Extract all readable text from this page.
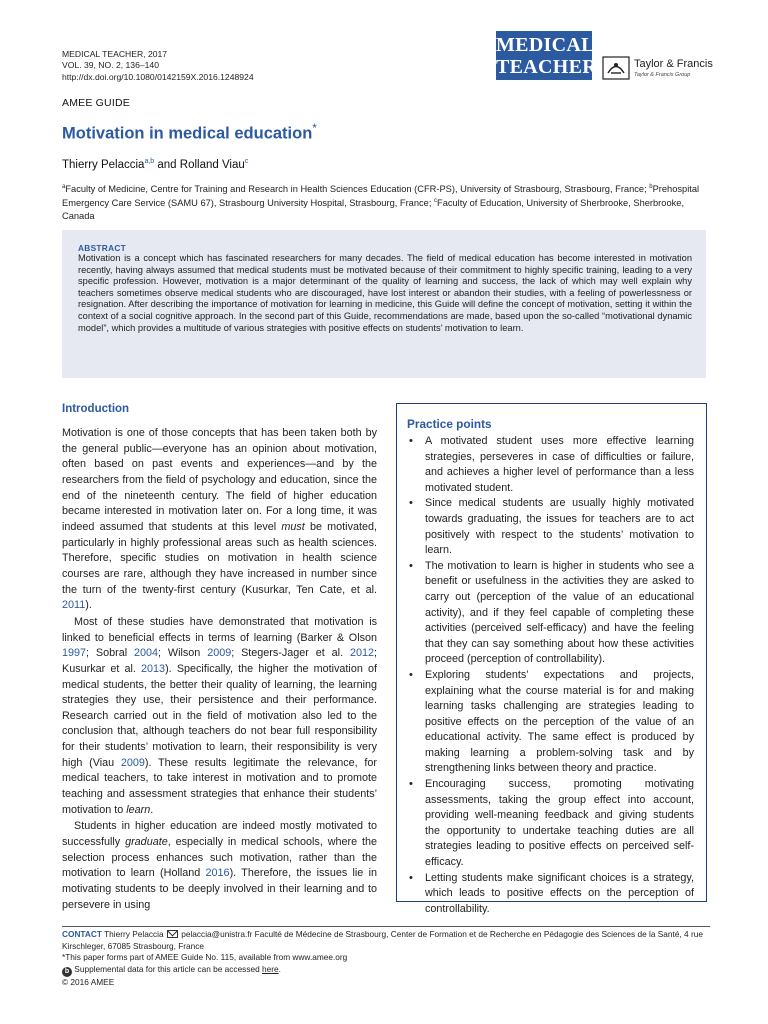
MEDICAL TEACHER, 2017
VOL. 39, NO. 2, 136–140
http://dx.doi.org/10.1080/0142159X.2016.1248924
MEDICAL
TEACHER	Taylor & Francis
Taylor & Francis Group
AMEE GUIDE
Motivation in medical education*
Thierry Pelaccia$^{a,b}$ and Rolland Viau$^c$
$^a$Faculty of Medicine, Centre for Training and Research in Health Sciences Education (CFR-PS), University of Strasbourg, Strasbourg, France; $^b$Prehospital Emergency Care Service (SAMU 67), Strasbourg University Hospital, Strasbourg, France; $^c$Faculty of Education, University of Sherbrooke, Sherbrooke, Canada
ABSTRACT

Motivation is a concept which has fascinated researchers for many decades. The field of medical education has become interested in motivation recently, having always assumed that medical students must be motivated because of their commitment to highly specific training, leading to a very specific profession. However, motivation is a major determinant of the quality of learning and success, the lack of which may well explain why teachers sometimes observe medical students who are discouraged, have lost interest or abandon their studies, with a feeling of powerlessness or resignation. After describing the importance of motivation for learning in medicine, this Guide will define the concept of motivation, setting it within the context of a social cognitive approach. In the second part of this Guide, recommendations are made, based upon the so-called “motivational dynamic model”, which provides a multitude of various strategies with positive effects on students’ motivation to learn.

Introduction

Motivation is one of those concepts that has been taken both by the general public—everyone has an opinion about motivation, often based on past events and experiences—and by the researchers from the field of psychology and education, since the end of the nineteenth century. The field of higher education became interested in motivation later on. For a long time, it was indeed assumed that students at this level must be motivated, particularly in highly professional areas such as health sciences. Therefore, specific studies on motivation in health science courses are rare, although they have increased in number since the turn of the twenty-first century (Kusurkar, Ten Cate, et al. 2011).

Most of these studies have demonstrated that motivation is linked to beneficial effects in terms of learning (Barker & Olson 1997; Sobral 2004; Wilson 2009; Stegers-Jager et al. 2012; Kusurkar et al. 2013). Specifically, the higher the motivation of medical students, the better their quality of learning, the learning strategies they use, their persistence and their performance. Research carried out in the field of motivation also led to the conclusion that, although teachers do not bear full responsibility for their students’ motivation to learn, their responsibility is very high (Viau 2009). These results legitimate the relevance, for medical teachers, to take interest in motivation and to promote teaching and assessment strategies that enhance their students’ motivation to learn.

Students in higher education are indeed mostly motivated to successfully graduate, especially in medical schools, where the selection process enhances such motivation, rather than the motivation to learn (Holland 2016). Therefore, the issues lie in motivating students to be deeply involved in their learning and to persevere in using

Practice points
• A motivated student uses more effective learning strategies, perseveres in case of difficulties or failure, and achieves a higher level of performance than a less motivated student.
• Since medical students are usually highly motivated towards graduating, the issues for teachers are to act positively with respect to the students’ motivation to learn.
• The motivation to learn is higher in students who see a benefit or usefulness in the activities they are asked to carry out (perception of the value of an educational activity), and if they feel capable of completing these activities (perceived self-efficacy) and have the feeling that they can say something about how these activities proceed (perception of controllability).
• Exploring students’ expectations and projects, explaining what the course material is for and making learning tasks challenging are strategies leading to positive effects on the perception of the value of an educational activity. The same effect is produced by making learning a problem-solving task and by strengthening links between theory and practice.
• Encouraging success, promoting motivating assessments, taking the group effect into account, providing well-meaning feedback and giving students the opportunity to undertake teaching duties are all strategies leading to positive effects on perceived self-efficacy.
• Letting students make significant choices is a strategy, which leads to positive effects on the perception of controllability.
CONTACT Thierry Pelaccia  pelaccia@unistra.fr Faculté de Médecine de Strasbourg, Center de Formation et de Recherche en Pédagogie des Sciences de la Santé, 4 rue Kirschleger, 67085 Strasbourg, France
*This paper forms part of AMEE Guide No. 115, available from www.amee.org
b Supplemental data for this article can be accessed here.
© 2016 AMEE
